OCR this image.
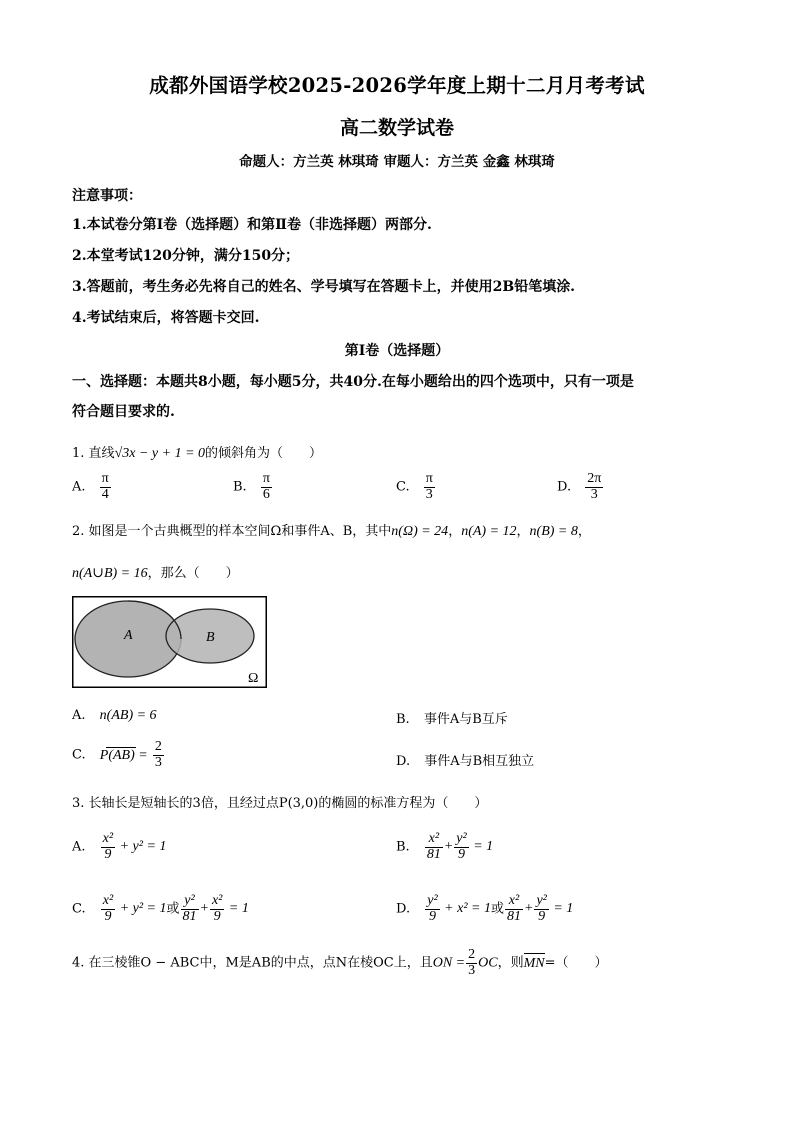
成都外国语学校2025-2026学年度上期十二月月考考试
高二数学试卷
命题人：方兰英 林琪琦 审题人：方兰英 金鑫 林琪琦
注意事项：
1.本试卷分第Ⅰ卷（选择题）和第Ⅱ卷（非选择题）两部分.
2.本堂考试120分钟，满分150分；
3.答题前，考生务必先将自己的姓名、学号填写在答题卡上，并使用2B铅笔填涂.
4.考试结束后，将答题卡交回.
第Ⅰ卷（选择题）
一、选择题：本题共8小题，每小题5分，共40分.在每小题给出的四个选项中，只有一项是
符合题目要求的.
1. 直线√3x − y + 1 = 0的倾斜角为（　　）
A. $\frac{\pi}{4}$	B. $\frac{\pi}{6}$	C. $\frac{\pi}{3}$	D. $\frac{2\pi}{3}$
2. 如图是一个古典概型的样本空间Ω和事件A、B，其中n(Ω) = 24，n(A) = 12，n(B) = 8，
n(A∪B) = 16，那么（　　）
A	B
Ω
A. n(AB) = 6	B. 事件A与B互斥
C. $P(AB) = \frac{2}{3}$	D. 事件A与B相互独立
3. 长轴长是短轴长的3倍，且经过点P(3,0)的椭圆的标准方程为（　　）
A. $\frac{\text{x²}}{9} + y^2 = 1$	B. $\frac{\text{x²}}{81} + \frac{\text{y²}}{9} = 1$
C. $\frac{\text{x²}}{9} + y^2 = 1$或 $\frac{\text{y²}}{81} + \frac{\text{x²}}{9} = 1$	D. $\frac{\text{y²}}{9} + x^2 = 1$或 $\frac{\text{x²}}{81} + \frac{\text{y²}}{9} = 1$
4. 在三棱锥O − ABC中，M是AB的中点，点N在棱OC上，且ON = $\frac{2}{3}$ OC，则
MN=（　　）
